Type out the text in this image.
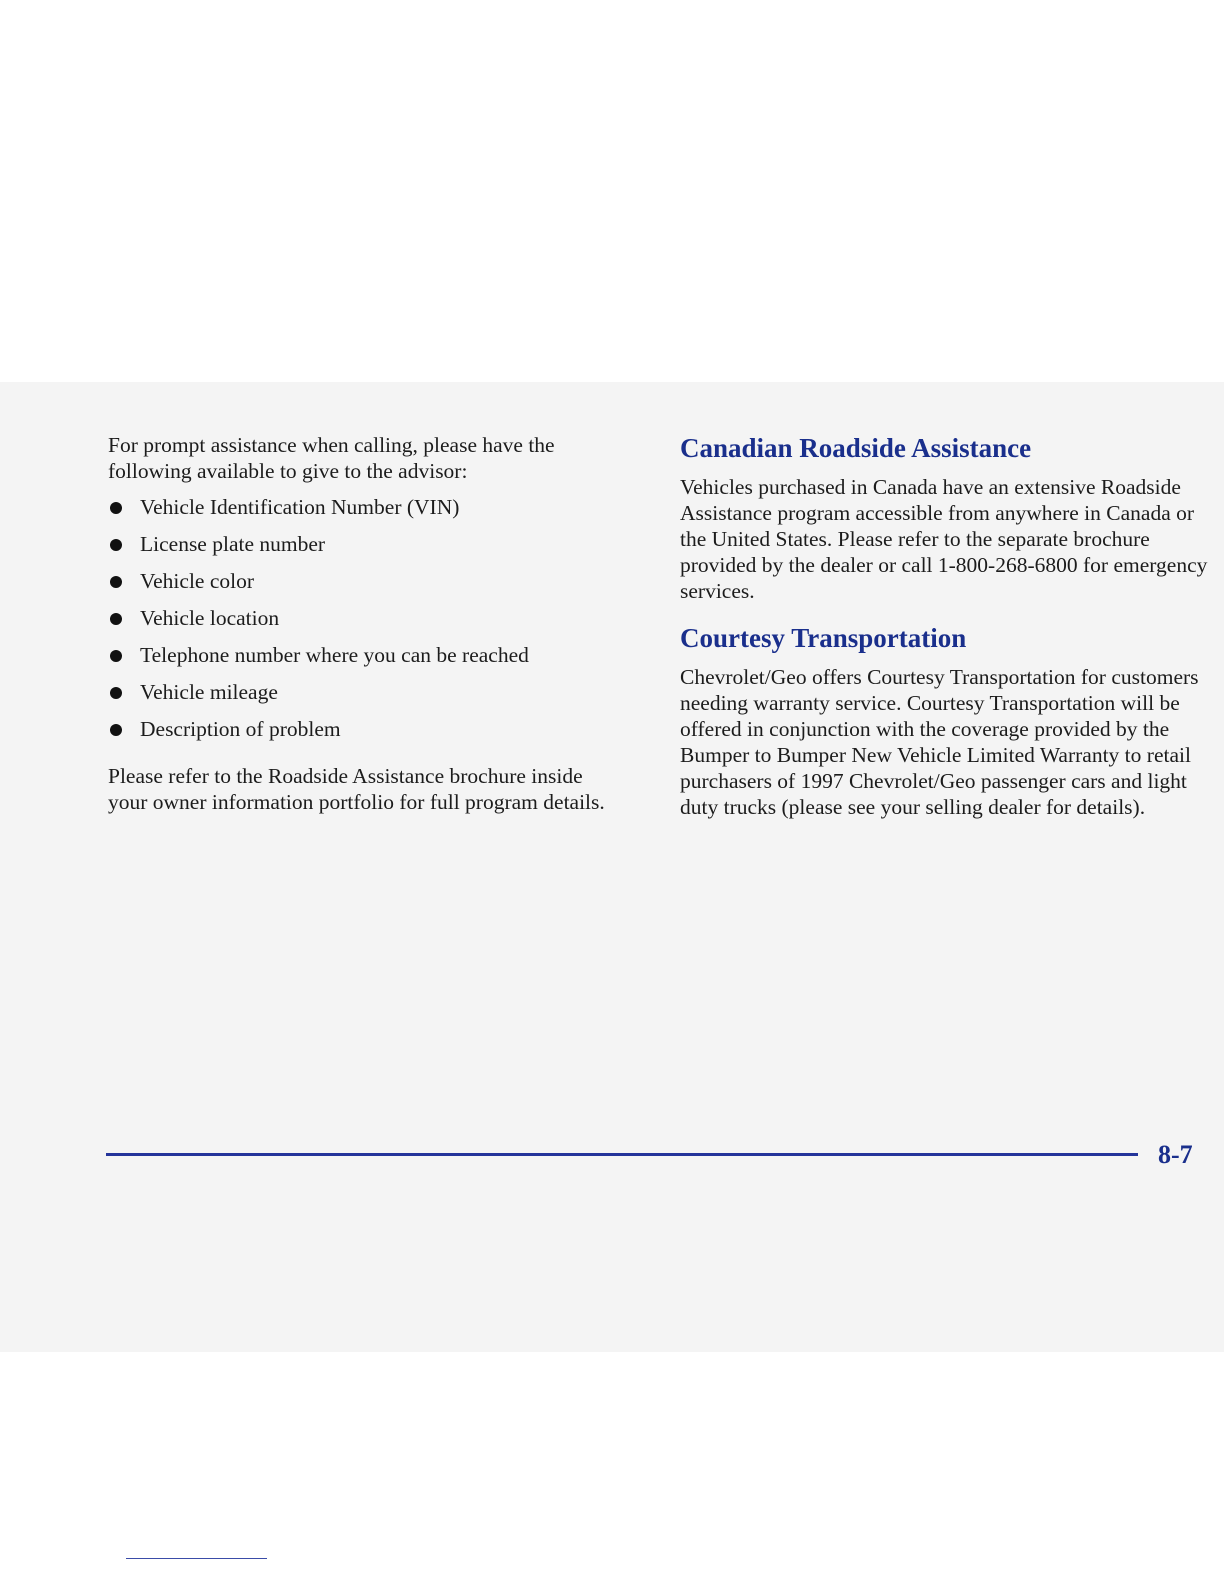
For prompt assistance when calling, please have the following available to give to the advisor:

Vehicle Identification Number (VIN)
License plate number
Vehicle color
Vehicle location
Telephone number where you can be reached
Vehicle mileage
Description of problem

Please refer to the Roadside Assistance brochure inside your owner information portfolio for full program details.

Canadian Roadside Assistance

Vehicles purchased in Canada have an extensive Roadside Assistance program accessible from anywhere in Canada or the United States. Please refer to the separate brochure provided by the dealer or call 1-800-268-6800 for emergency services.

Courtesy Transportation

Chevrolet/Geo offers Courtesy Transportation for customers needing warranty service. Courtesy Transportation will be offered in conjunction with the coverage provided by the Bumper to Bumper New Vehicle Limited Warranty to retail purchasers of 1997 Chevrolet/Geo passenger cars and light duty trucks (please see your selling dealer for details).

8-7
